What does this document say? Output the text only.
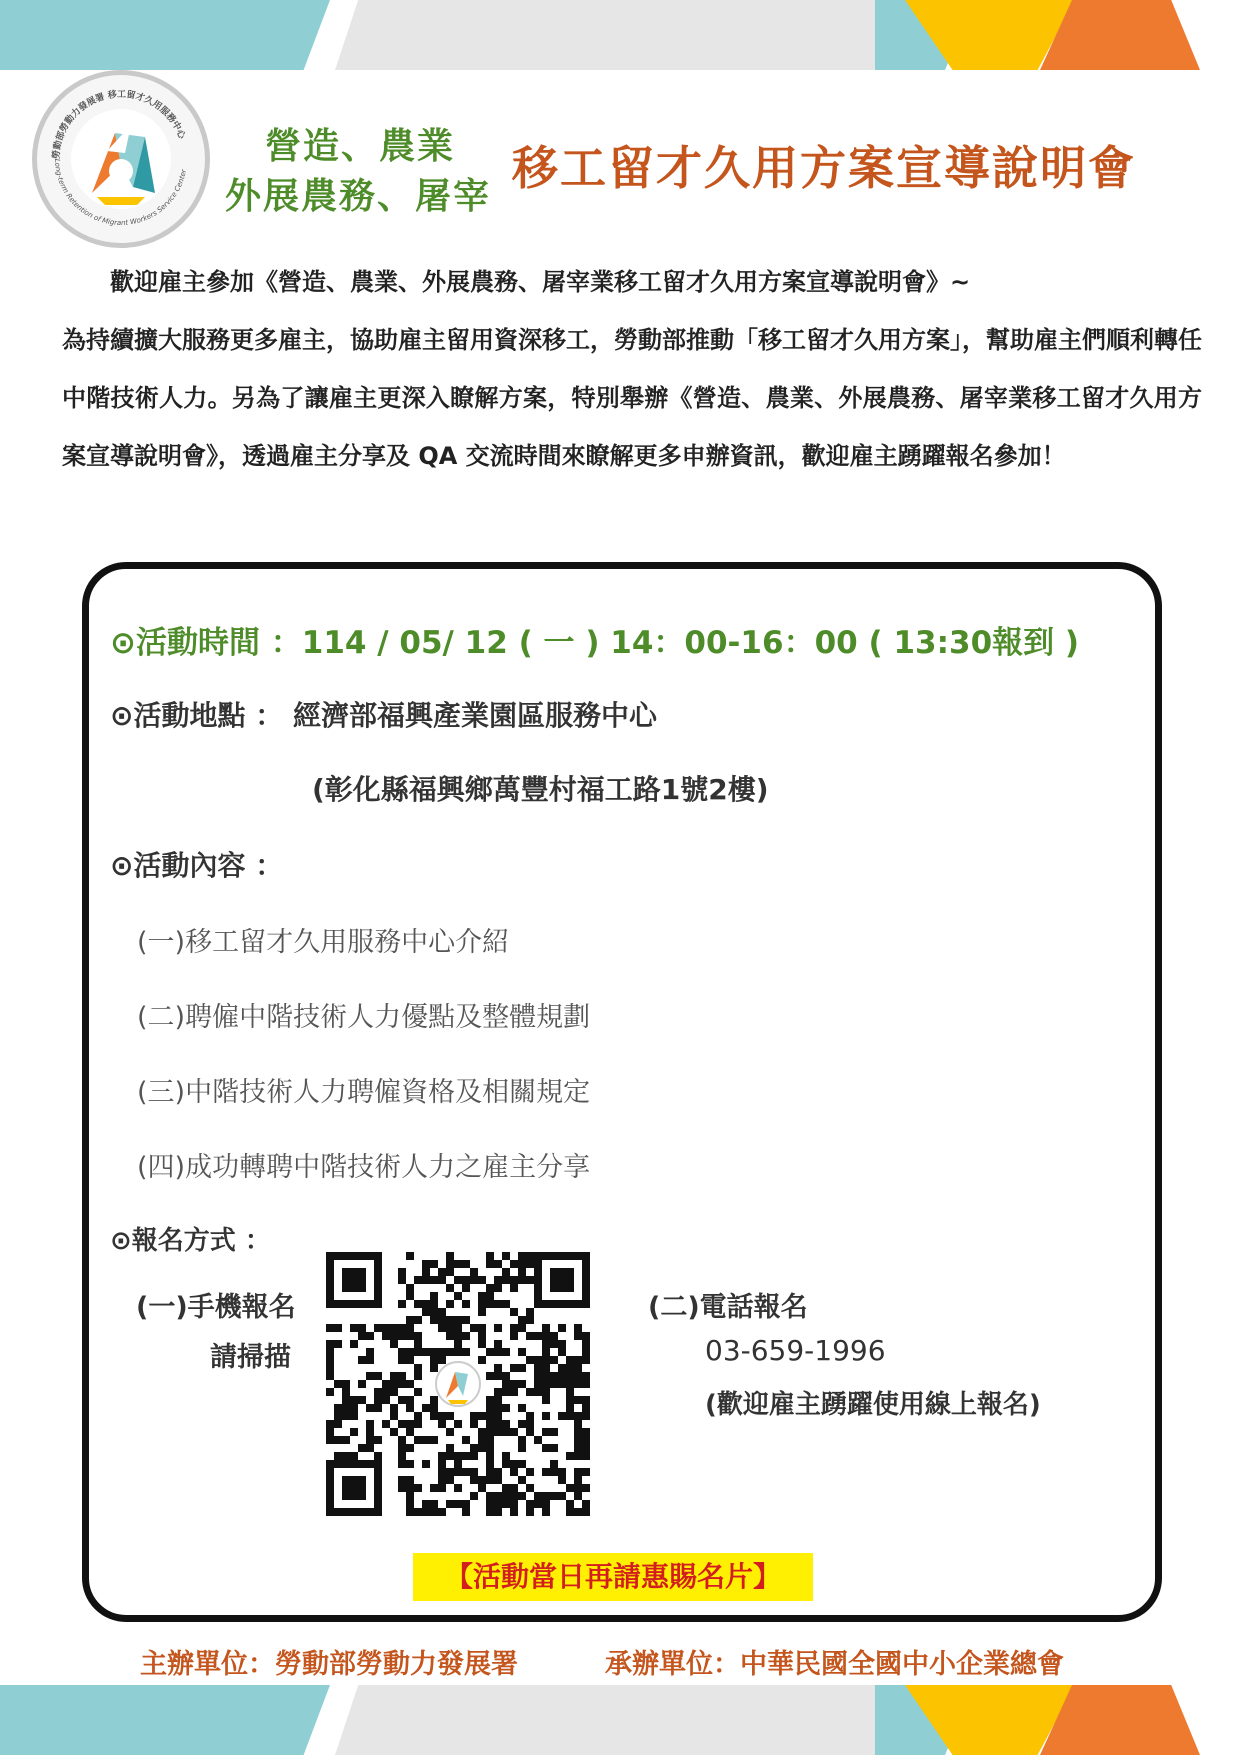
勞動部勞動力發展署 移工留才久用服務中心
Long-term Retention of Migrant Workers Service Center
營造、農業
外展農務、屠宰
移工留才久用方案宣導說明會
歡迎雇主參加《營造、農業、外展農務、屠宰業移工留才久用方案宣導說明會》~
為持續擴大服務更多雇主，協助雇主留用資深移工，勞動部推動「移工留才久用方案」，幫助雇主們順利轉任中階技術人力。另為了讓雇主更深入瞭解方案，特別舉辦《營造、農業、外展農務、屠宰業移工留才久用方案宣導說明會》，透過雇主分享及 QA 交流時間來瞭解更多申辦資訊，歡迎雇主踴躍報名參加！
⊙活動時間 ：114 / 05/ 12 ( 一 ) 14：00-16：00 ( 13:30報到 )
⊙活動地點 ： 經濟部福興產業園區服務中心
(彰化縣福興鄉萬豐村福工路1號2樓)
⊙活動內容 ：
(一)移工留才久用服務中心介紹
(二)聘僱中階技術人力優點及整體規劃
(三)中階技術人力聘僱資格及相關規定
(四)成功轉聘中階技術人力之雇主分享
⊙報名方式 ：
(一)手機報名
請掃描
(二)電話報名
03-659-1996
(歡迎雇主踴躍使用線上報名)
【活動當日再請惠賜名片】
主辦單位：勞動部勞動力發展署	承辦單位：中華民國全國中小企業總會
